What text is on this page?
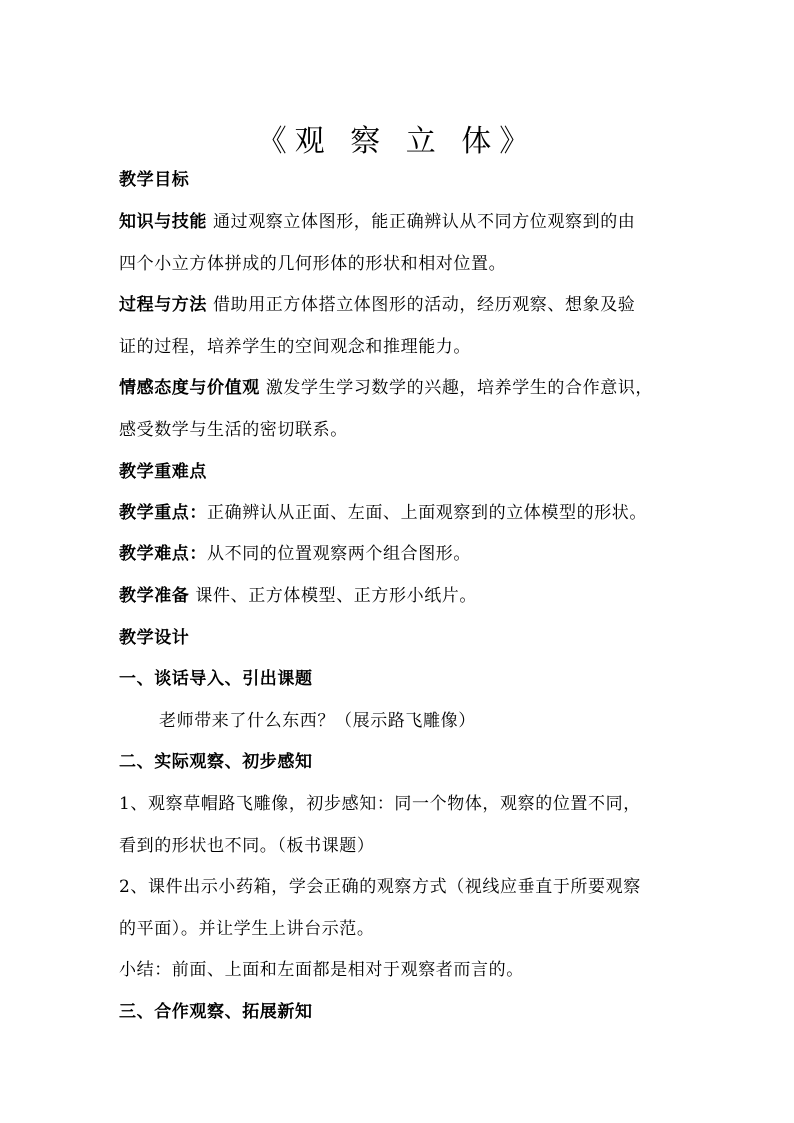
《观 察 立 体》
教学目标
知识与技能 通过观察立体图形，能正确辨认从不同方位观察到的由
四个小立方体拼成的几何形体的形状和相对位置。
过程与方法 借助用正方体搭立体图形的活动，经历观察、想象及验
证的过程，培养学生的空间观念和推理能力。
情感态度与价值观 激发学生学习数学的兴趣，培养学生的合作意识，
感受数学与生活的密切联系。
教学重难点
教学重点：正确辨认从正面、左面、上面观察到的立体模型的形状。
教学难点：从不同的位置观察两个组合图形。
教学准备 课件、正方体模型、正方形小纸片。
教学设计
一、谈话导入、引出课题
老师带来了什么东西？（展示路飞雕像）
二、实际观察、初步感知
1、观察草帽路飞雕像，初步感知：同一个物体，观察的位置不同，
看到的形状也不同。（板书课题）
2、课件出示小药箱，学会正确的观察方式（视线应垂直于所要观察
的平面）。并让学生上讲台示范。
小结：前面、上面和左面都是相对于观察者而言的。
三、合作观察、拓展新知
